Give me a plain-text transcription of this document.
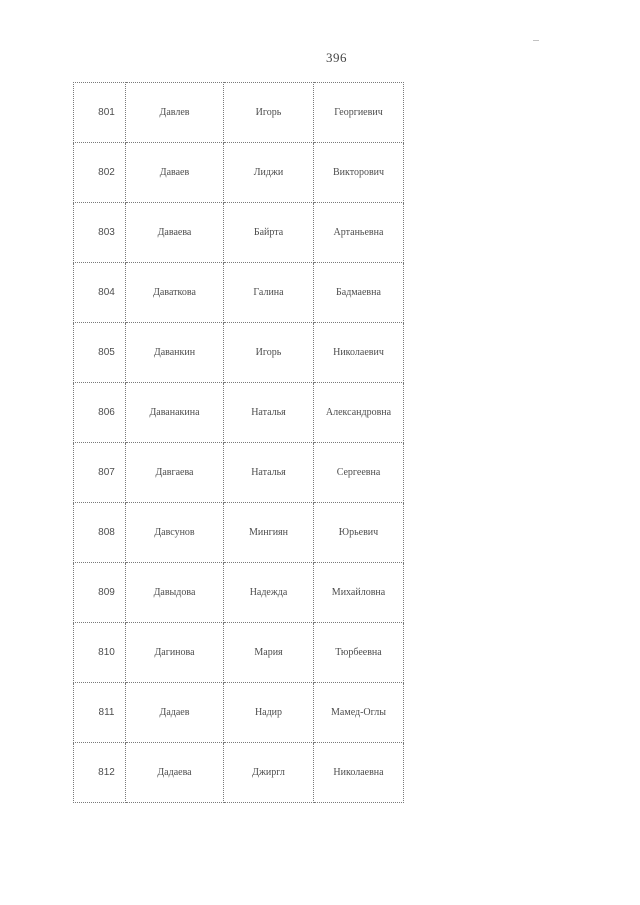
396
801	Давлев	Игорь	Георгиевич
802	Даваев	Лиджи	Викторович
803	Даваева	Байрта	Артаньевна
804	Даваткова	Галина	Бадмаевна
805	Даванкин	Игорь	Николаевич
806	Даванакина	Наталья	Александровна
807	Давгаева	Наталья	Сергеевна
808	Давсунов	Мингиян	Юрьевич
809	Давыдова	Надежда	Михайловна
810	Дагинова	Мария	Тюрбеевна
811	Дадаев	Надир	Мамед-Оглы
812	Дадаева	Джиргл	Николаевна
